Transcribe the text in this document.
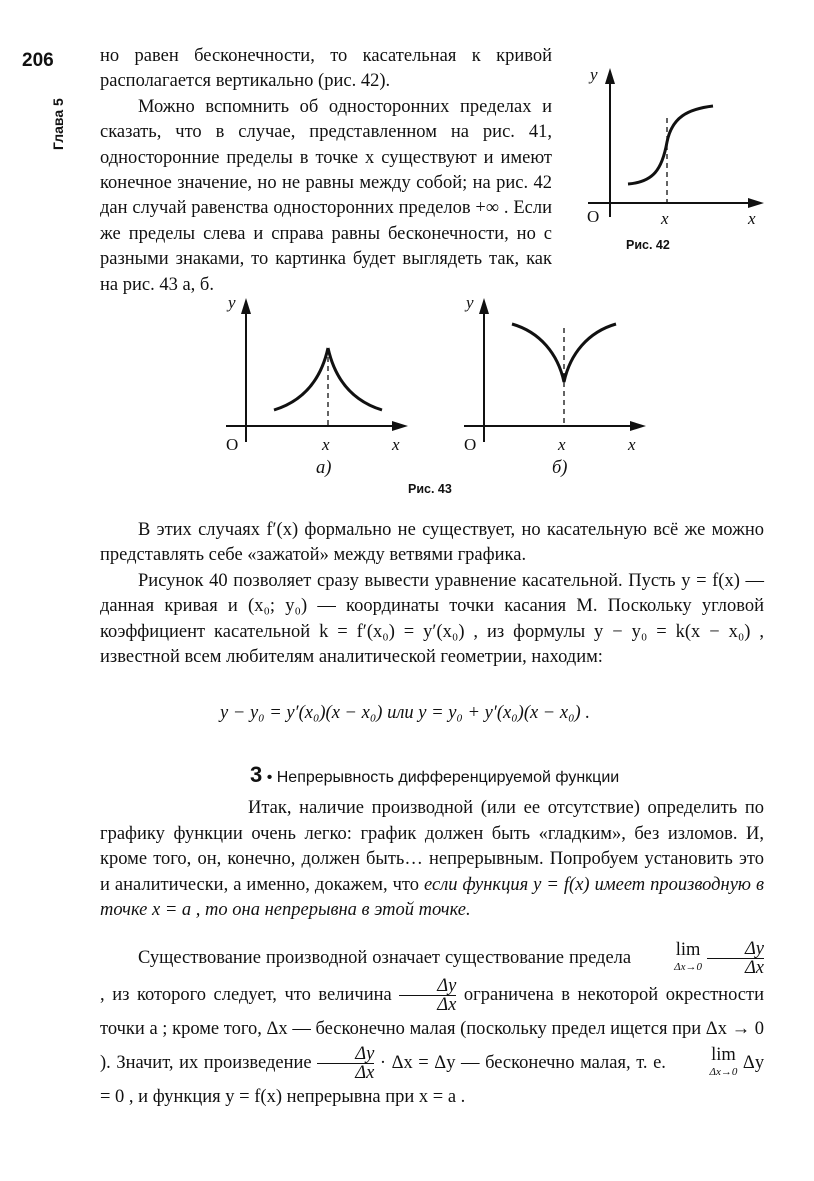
206
Глава 5

но равен бесконечности, то касательная к кривой располагается вертикально (рис. 42).

Можно вспомнить об односторонних пределах и сказать, что в случае, представленном на рис. 41, односторонние пределы в точке x существуют и имеют конечное значение, но не равны между собой; на рис. 42 дан случай равенства односторонних пределов +∞ . Если же пределы слева и справа равны бесконечности, но с разными знаками, то картинка будет выглядеть так, как на рис. 43 а, б.

y
O	x	x
Рис. 42
y
O	x	x
а)
y
O	x	x
б)
Рис. 43

В этих случаях f′(x) формально не существует, но касательную всё же можно представлять себе «зажатой» между ветвями графика.

Рисунок 40 позволяет сразу вывести уравнение касательной. Пусть y = f(x) — данная кривая и (x₀; y₀) — координаты точки касания M. Поскольку угловой коэффициент касательной k = f′(x₀) = y′(x₀) , из формулы y − y₀ = k(x − x₀) , известной всем любителям аналитической геометрии, находим:

y − y₀ = y′(x₀)(x − x₀) или y = y₀ + y′(x₀)(x − x₀) .
3 • Непрерывность дифференцируемой функции

Итак, наличие производной (или ее отсутствие) определить по графику функции очень легко: график должен быть «гладким», без изломов. И, кроме того, он, конечно, должен быть… непрерывным. Попробуем установить это и аналитически, а именно, докажем, что если функция y = f(x) имеет производную в точке x = a , то она непрерывна в этой точке.

Существование производной означает существование предела	lim
Δx→0
$\frac{\Delta y}{\Delta x}$
, из которого следует, что величина $\frac{\Delta y}{\Delta x}$ ограничена в некоторой окрестности точки a ; кроме того, Δx — бесконечно малая (поскольку предел ищется при Δx → 0 ). Значит, их произведение $\frac{\Delta y}{\Delta x} \cdot \Delta x = \Delta y$ — бесконечно малая, т. е.	lim
Δx→0 Δy = 0 , и функция y = f(x) непрерывна при x = a .
